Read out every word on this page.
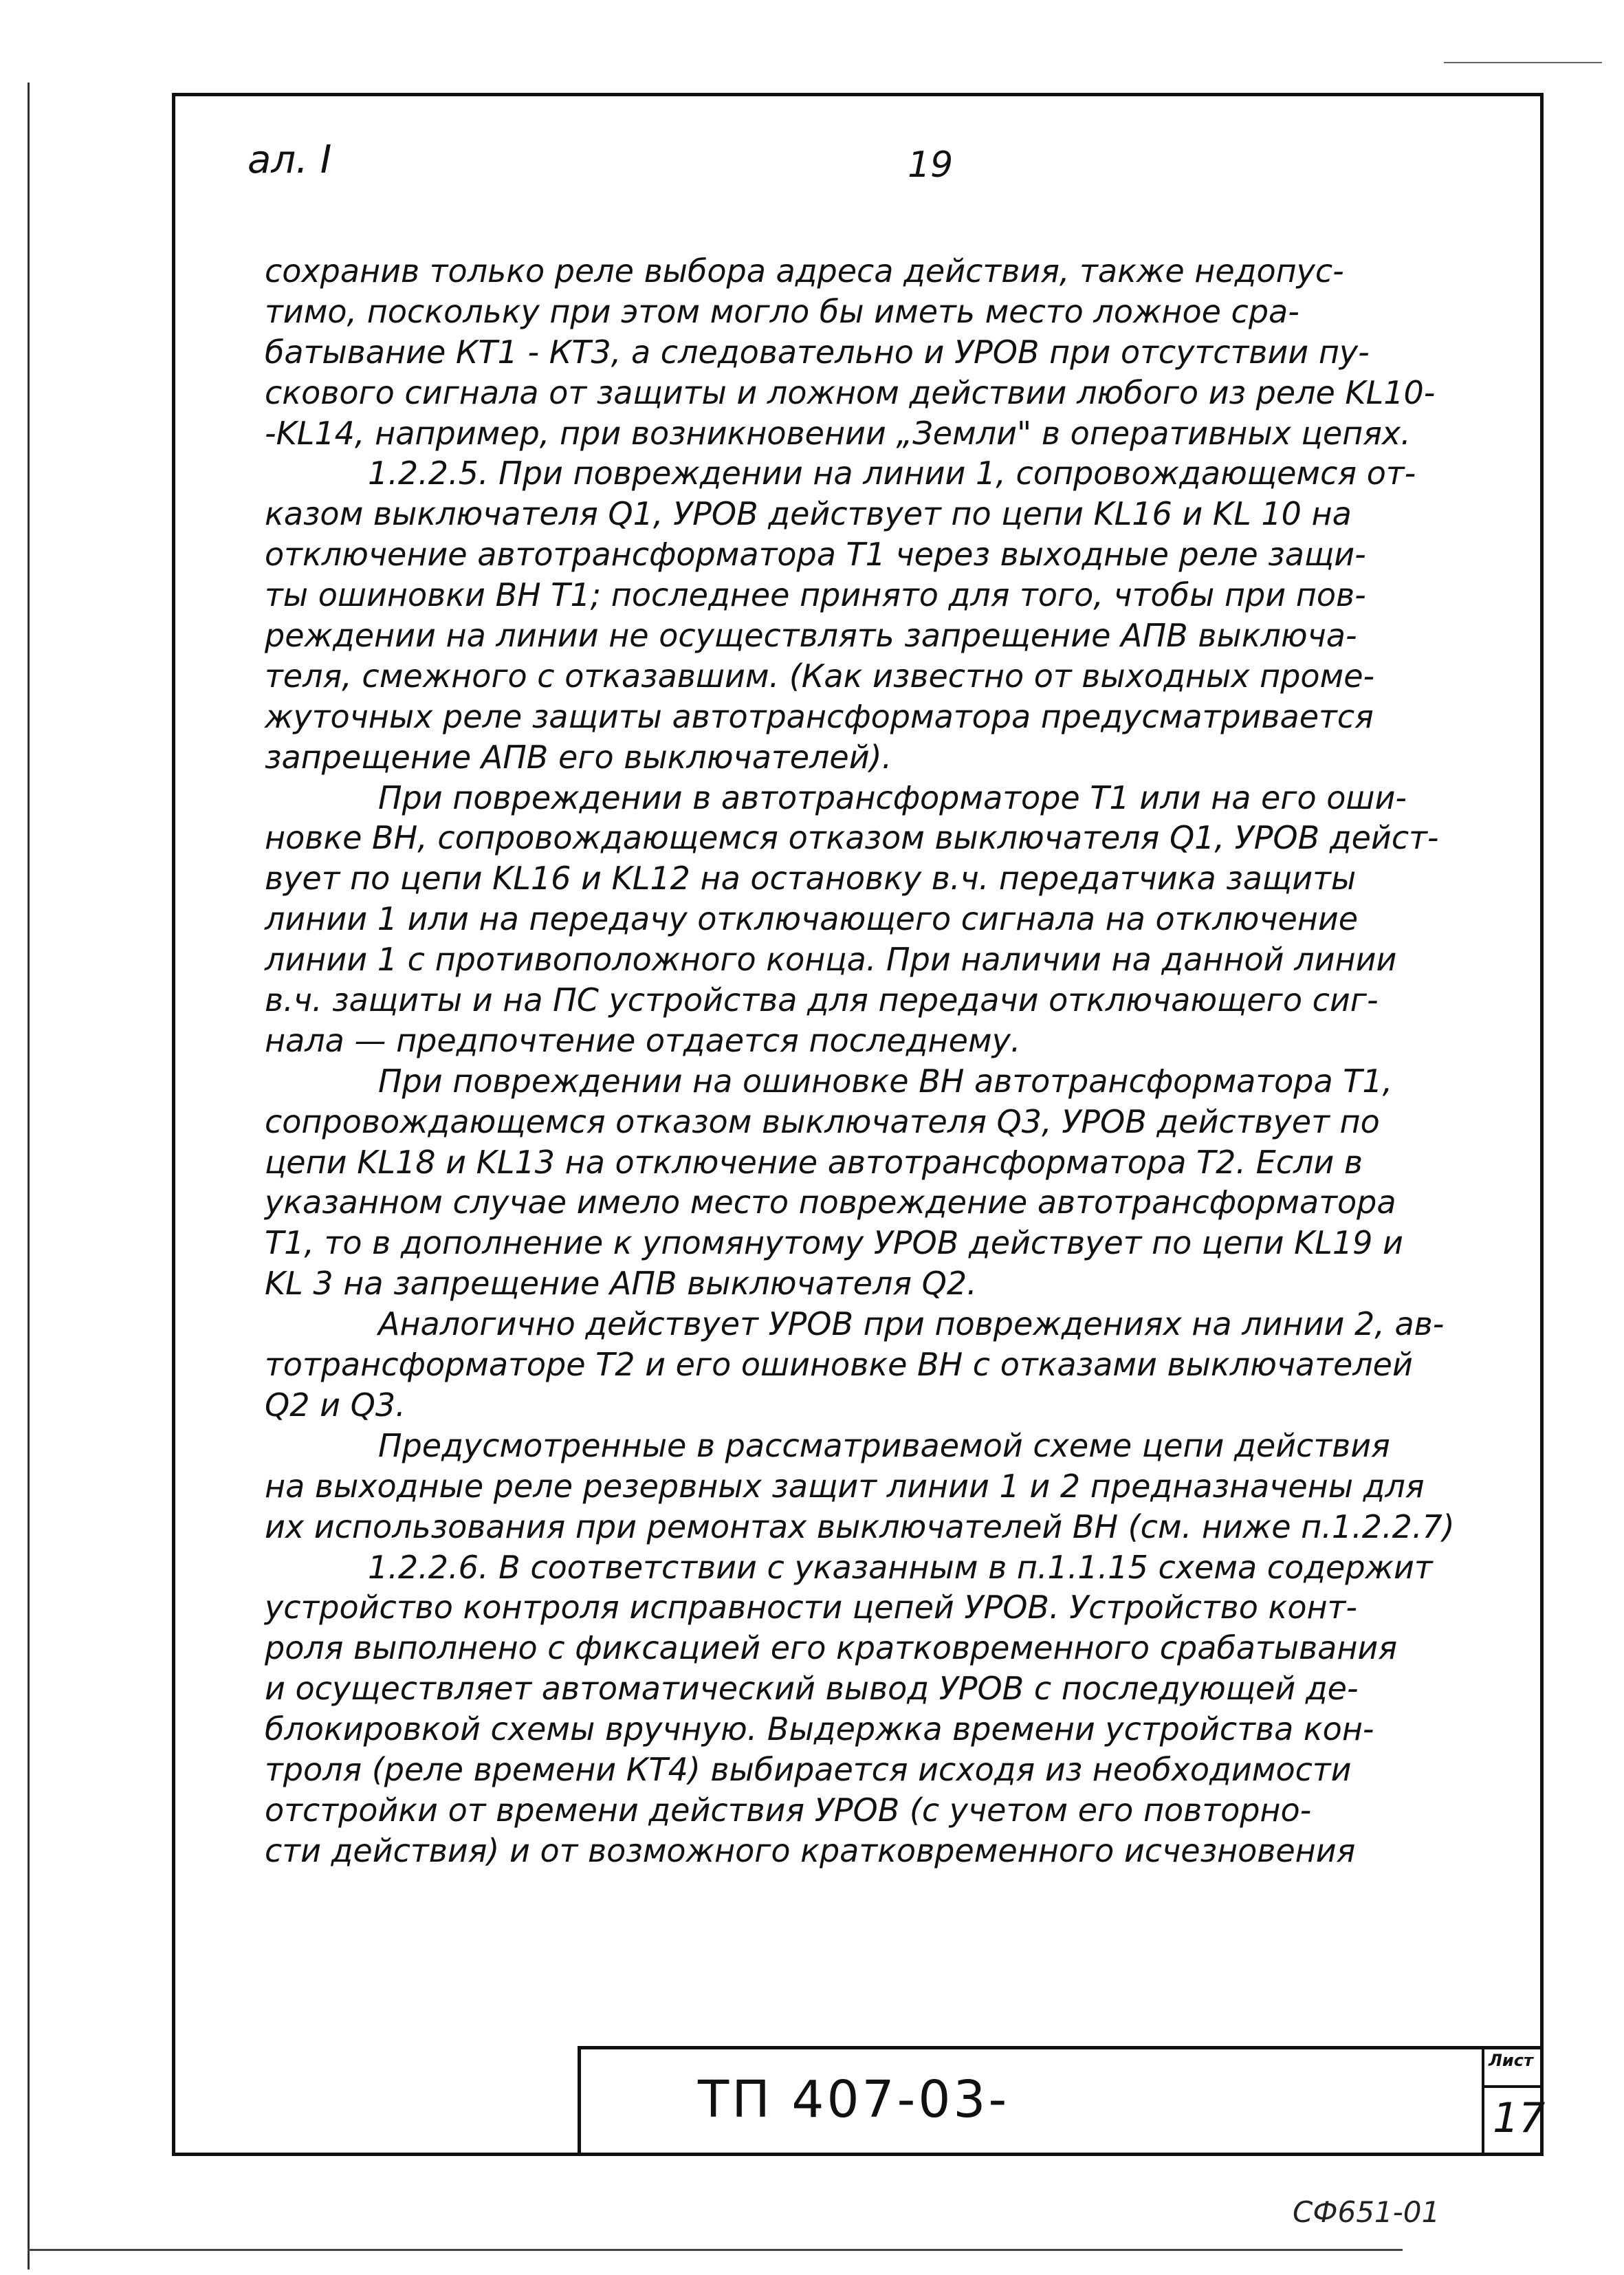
ал. I	19
сохранив только реле выбора адреса действия, также недопус-
тимо, поскольку при этом могло бы иметь место ложное сра-
батывание КТ1 - КТ3, а следовательно и УРОВ при отсутствии пу-
скового сигнала от защиты и ложном действии любого из реле KL10-
-KL14, например, при возникновении „Земли" в оперативных цепях.
1.2.2.5. При повреждении на линии 1, сопровождающемся от-
казом выключателя Q1, УРОВ действует по цепи KL16 и KL 10 на
отключение автотрансформатора Т1 через выходные реле защи-
ты ошиновки ВН Т1; последнее принято для того, чтобы при пов-
реждении на линии не осуществлять запрещение АПВ выключа-
теля, смежного с отказавшим. (Как известно от выходных проме-
жуточных реле защиты автотрансформатора предусматривается
запрещение АПВ его выключателей).
При повреждении в автотрансформаторе Т1 или на его оши-
новке ВН, сопровождающемся отказом выключателя Q1, УРОВ дейст-
вует по цепи KL16 и KL12 на остановку в.ч. передатчика защиты
линии 1 или на передачу отключающего сигнала на отключение
линии 1 с противоположного конца. При наличии на данной линии
в.ч. защиты и на ПС устройства для передачи отключающего сиг-
нала — предпочтение отдается последнему.
При повреждении на ошиновке ВН автотрансформатора Т1,
сопровождающемся отказом выключателя Q3, УРОВ действует по
цепи KL18 и KL13 на отключение автотрансформатора Т2. Если в
указанном случае имело место повреждение автотрансформатора
Т1, то в дополнение к упомянутому УРОВ действует по цепи KL19 и
KL 3 на запрещение АПВ выключателя Q2.
Аналогично действует УРОВ при повреждениях на линии 2, ав-
тотрансформаторе Т2 и его ошиновке ВН с отказами выключателей
Q2 и Q3.
Предусмотренные в рассматриваемой схеме цепи действия
на выходные реле резервных защит линии 1 и 2 предназначены для
их использования при ремонтах выключателей ВН (см. ниже п.1.2.2.7)
1.2.2.6. В соответствии с указанным в п.1.1.15 схема содержит
устройство контроля исправности цепей УРОВ. Устройство конт-
роля выполнено с фиксацией его кратковременного срабатывания
и осуществляет автоматический вывод УРОВ с последующей де-
блокировкой схемы вручную. Выдержка времени устройства кон-
троля (реле времени КТ4) выбирается исходя из необходимости
отстройки от времени действия УРОВ (с учетом его повторно-
сти действия) и от возможного кратковременного исчезновения
ТП 407-03-
Лист
17
СФ651-01
